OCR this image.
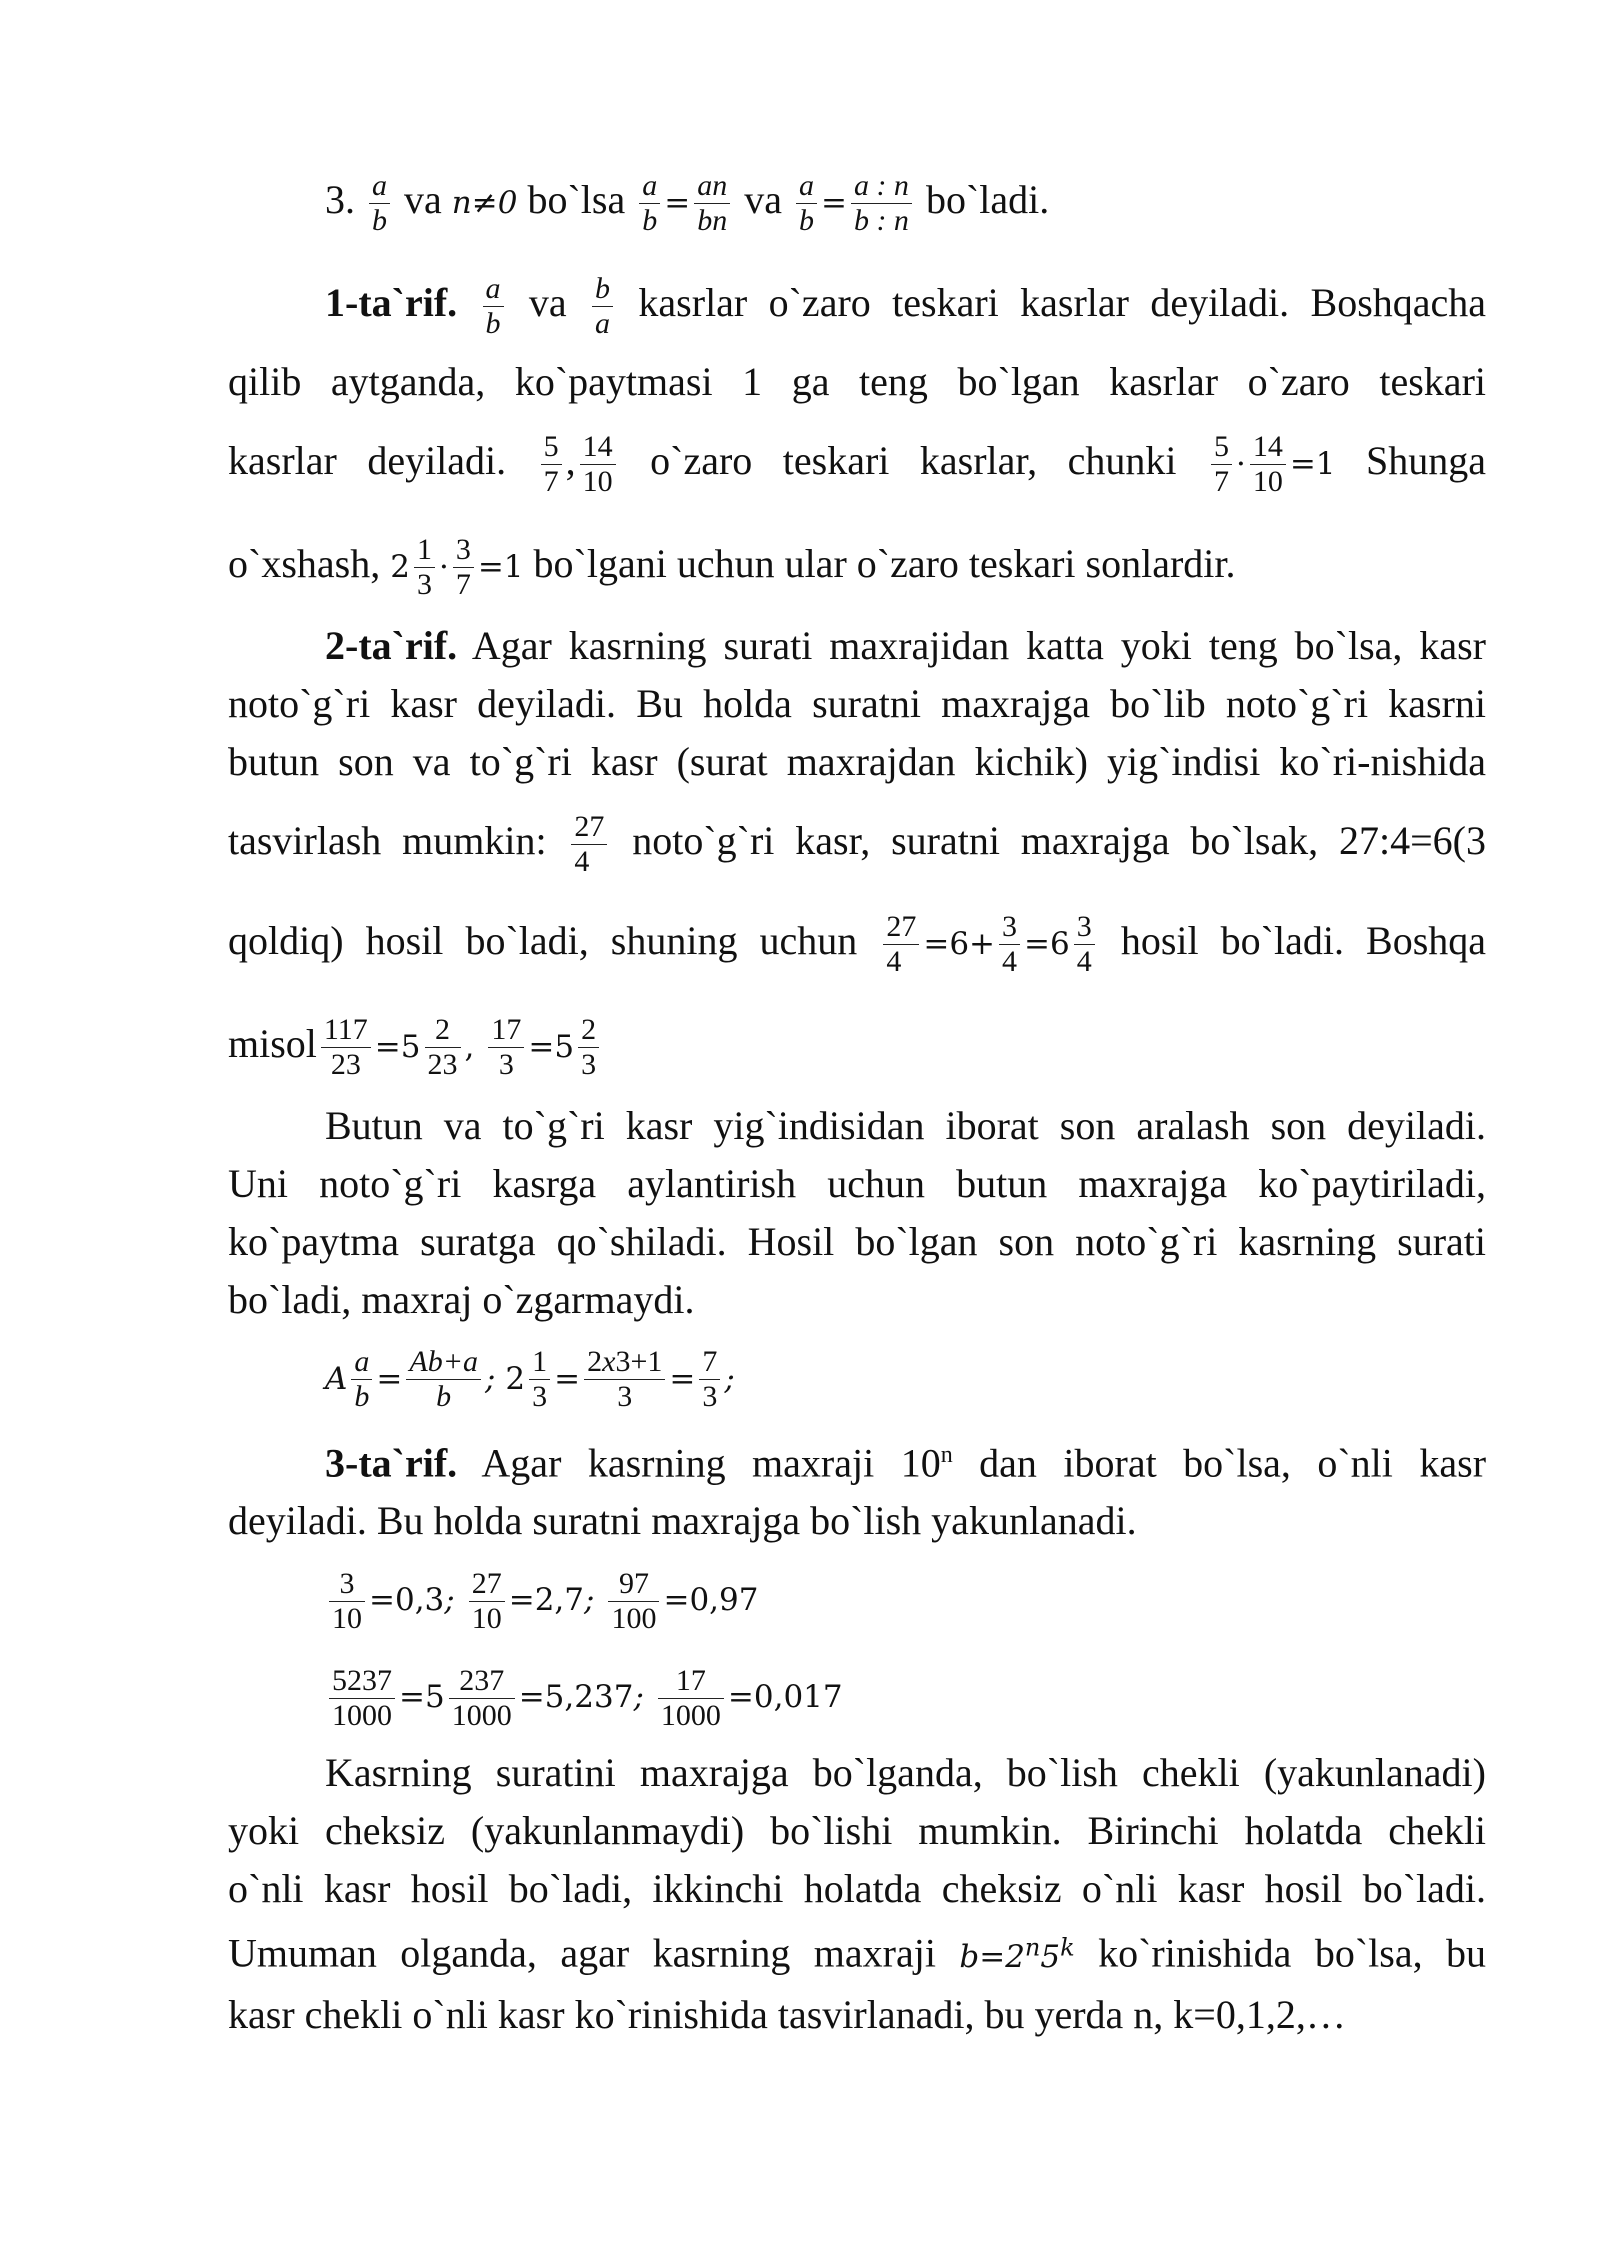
3. $\frac{a}{b}$ va n≠0 bo`lsa $\frac{a}{b} = \frac{an}{bn}$ va $\frac{a}{b} = \frac{a : n}{b : n}$ bo`ladi.

1-ta`rif. $\frac{a}{b}$ va $\frac{b}{a}$ kasrlar o`zaro teskari kasrlar deyiladi. Boshqacha

qilib aytganda, ko`paytmasi 1 ga teng bo`lgan kasrlar o`zaro teskari

kasrlar deyiladi. $\frac{5}{7}$ , $\frac{14}{10}$ o`zaro teskari kasrlar, chunki $\frac{5}{7} \cdot \frac{14}{10} =1$ Shunga

o`xshash, $2 \frac{1}{3} \cdot \frac{3}{7} =1$ bo`lgani uchun ular o`zaro teskari sonlardir.

2-ta`rif. Agar kasrning surati maxrajidan katta yoki teng bo`lsa, kasr

noto`g`ri kasr deyiladi. Bu holda suratni maxrajga bo`lib noto`g`ri kasrni

butun son va to`g`ri kasr (surat maxrajdan kichik) yig`indisi ko`ri-nishida

tasvirlash mumkin: $\frac{27}{4}$ noto`g`ri kasr, suratni maxrajga bo`lsak, 27:4=6(3

qoldiq) hosil bo`ladi, shuning uchun $\frac{27}{4} =6+ \frac{3}{4} =6 \frac{3}{4}$ hosil bo`ladi. Boshqa

misol $\frac{117}{23} =5 \frac{2}{23}$ , $\frac{17}{3} =5 \frac{2}{3}$

Butun va to`g`ri kasr yig`indisidan iborat son aralash son deyiladi.

Uni noto`g`ri kasrga aylantirish uchun butun maxrajga ko`paytiriladi,

ko`paytma suratga qo`shiladi. Hosil bo`lgan son noto`g`ri kasrning surati

bo`ladi, maxraj o`zgarmaydi.

A $\frac{a}{b} = \frac{Ab+a}{b}$ ; $2 \frac{1}{3} = \frac{2x3+1}{3} = \frac{7}{3}$ ;

3-ta`rif. Agar kasrning maxraji 10$^n$ dan iborat bo`lsa, o`nli kasr

deyiladi. Bu holda suratni maxrajga bo`lish yakunlanadi.

$\frac{3}{10} =0,3$; $\frac{27}{10} =2,7$; $\frac{97}{100} =0,97$

$\frac{5237}{1000} =5 \frac{237}{1000} =5,237$; $\frac{17}{1000} =0,017$

Kasrning suratini maxrajga bo`lganda, bo`lish chekli (yakunlanadi)

yoki cheksiz (yakunlanmaydi) bo`lishi mumkin. Birinchi holatda chekli

o`nli kasr hosil bo`ladi, ikkinchi holatda cheksiz o`nli kasr hosil bo`ladi.

Umuman olganda, agar kasrning maxraji $b=2^n5^k$ ko`rinishida bo`lsa, bu

kasr chekli o`nli kasr ko`rinishida tasvirlanadi, bu yerda n, k=0,1,2,…
